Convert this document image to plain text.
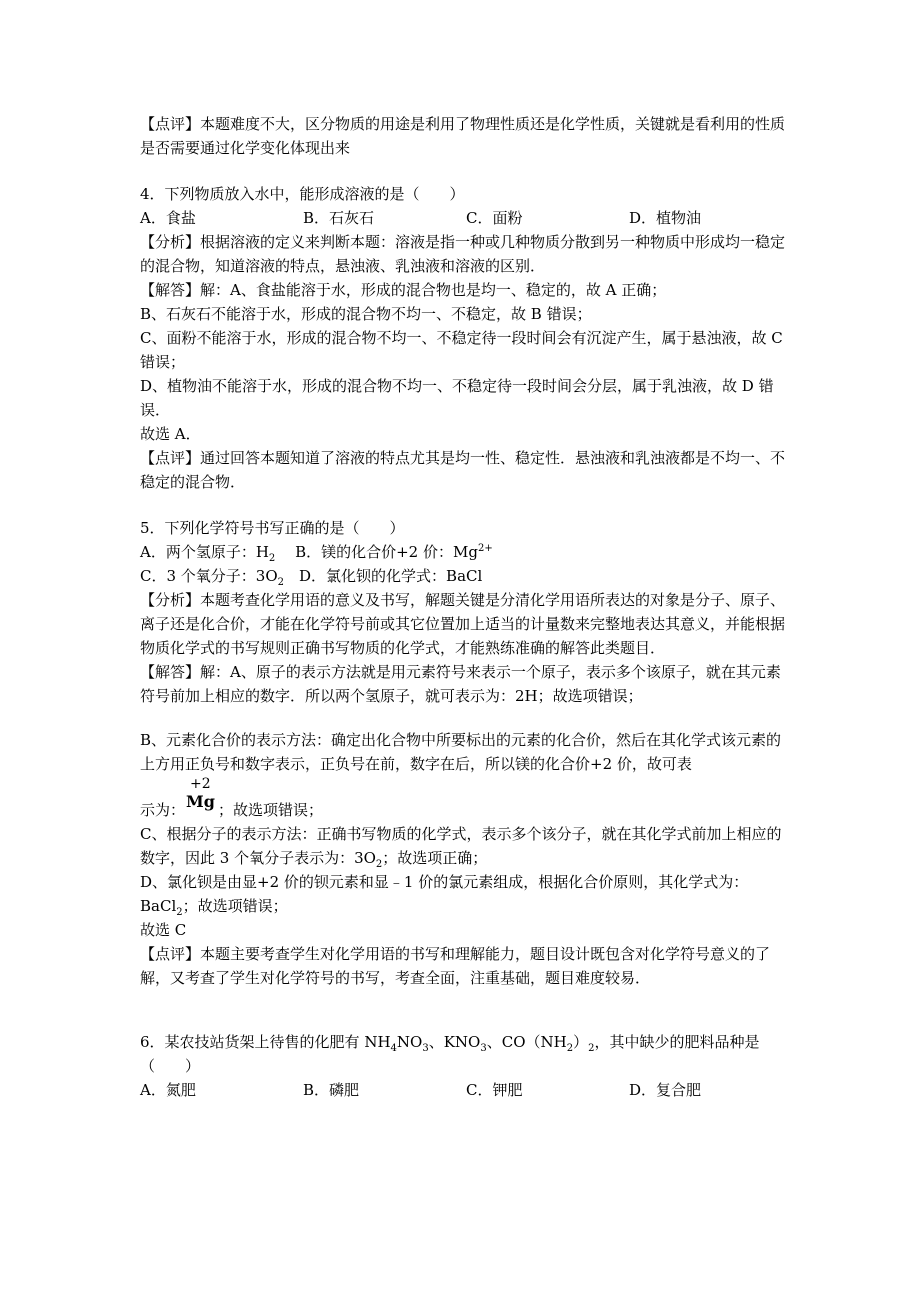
【点评】本题难度不大，区分物质的用途是利用了物理性质还是化学性质，关键就是看利用的性质是否需要通过化学变化体现出来

4．下列物质放入水中，能形成溶液的是（　　）

A．食盐	B．石灰石	C．面粉	D．植物油

【分析】根据溶液的定义来判断本题：溶液是指一种或几种物质分散到另一种物质中形成均一稳定的混合物，知道溶液的特点，悬浊液、乳浊液和溶液的区别．

【解答】解：A、食盐能溶于水，形成的混合物也是均一、稳定的，故 A 正确；

B、石灰石不能溶于水，形成的混合物不均一、不稳定，故 B 错误；

C、面粉不能溶于水，形成的混合物不均一、不稳定待一段时间会有沉淀产生，属于悬浊液，故 C 错误；

D、植物油不能溶于水，形成的混合物不均一、不稳定待一段时间会分层，属于乳浊液，故 D 错误．

故选 A．

【点评】通过回答本题知道了溶液的特点尤其是均一性、稳定性．悬浊液和乳浊液都是不均一、不稳定的混合物．

5．下列化学符号书写正确的是（　　）

A．两个氢原子：$H_2$　 B．镁的化合价+2 价：$Mg^{2+}$

C．3 个氧分子：$3O_2$　 D．氯化钡的化学式：BaCl

【分析】本题考查化学用语的意义及书写，解题关键是分清化学用语所表达的对象是分子、原子、离子还是化合价，才能在化学符号前或其它位置加上适当的计量数来完整地表达其意义，并能根据物质化学式的书写规则正确书写物质的化学式，才能熟练准确的解答此类题目．

【解答】解：A、原子的表示方法就是用元素符号来表示一个原子，表示多个该原子，就在其元素符号前加上相应的数字．所以两个氢原子，就可表示为：2H；故选项错误；

B、元素化合价的表示方法：确定出化合物中所要标出的元素的化合价，然后在其化学式该元素的上方用正负号和数字表示，正负号在前，数字在后，所以镁的化合价+2 价，故可表

+2
Mg
示为： ；故选项错误；

C、根据分子的表示方法：正确书写物质的化学式，表示多个该分子，就在其化学式前加上相应的数字，因此 3 个氧分子表示为：$3O_2$；故选项正确；

D、氯化钡是由显+2 价的钡元素和显﹣1 价的氯元素组成，根据化合价原则，其化学式为：BaCl$_2$；故选项错误；

故选 C

【点评】本题主要考查学生对化学用语的书写和理解能力，题目设计既包含对化学符号意义的了解，又考查了学生对化学符号的书写，考查全面，注重基础，题目难度较易．

6．某农技站货架上待售的化肥有 $NH_4NO_3$、$KNO_3$、$CO(NH_2)_2$，其中缺少的肥料品种是

（　　）

A．氮肥	B．磷肥	C．钾肥	D．复合肥
